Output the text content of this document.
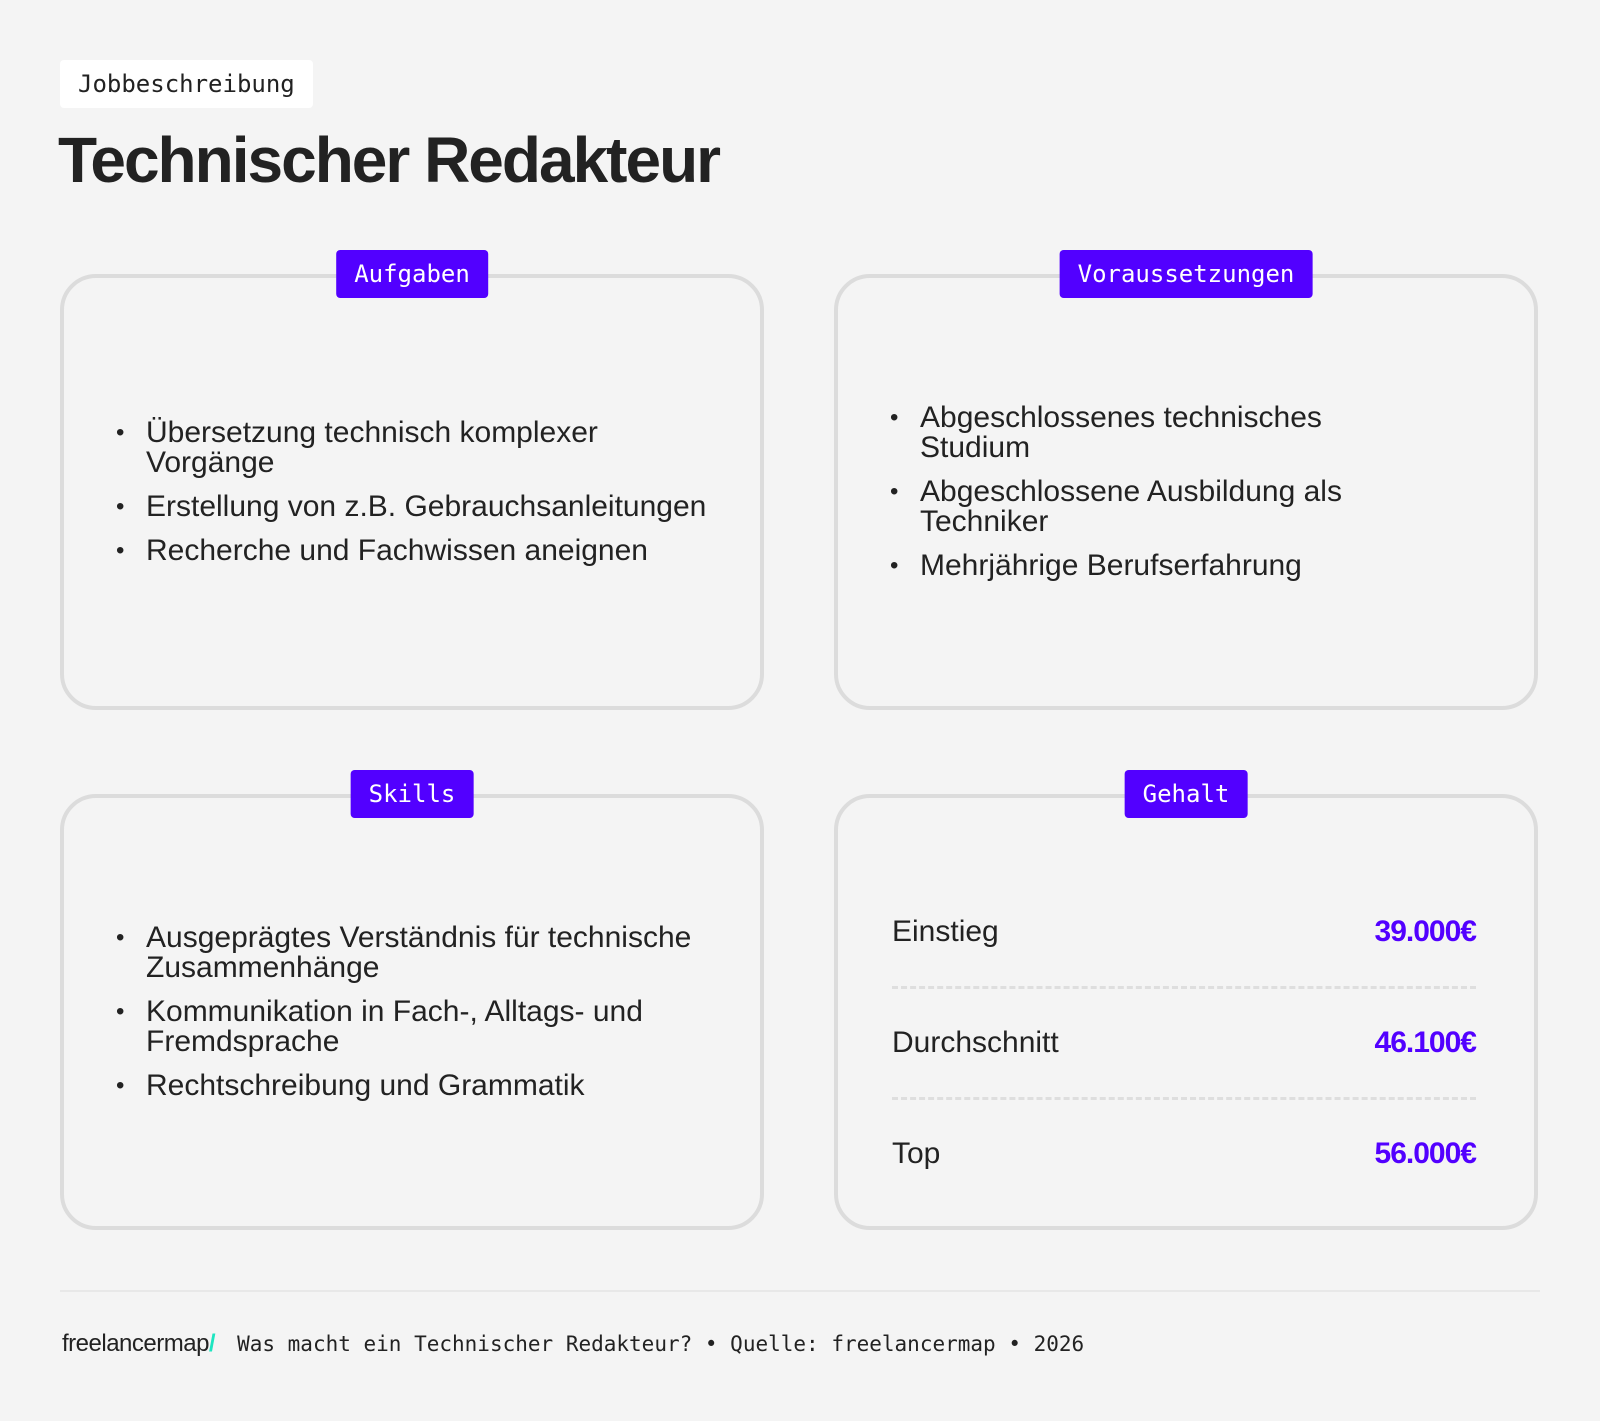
Jobbeschreibung
Technischer Redakteur
Aufgaben
• Übersetzung technisch komplexer Vorgänge
• Erstellung von z.B. Gebrauchsanleitungen
• Recherche und Fachwissen aneignen
Voraussetzungen
• Abgeschlossenes technisches Studium
• Abgeschlossene Ausbildung als Techniker
• Mehrjährige Berufserfahrung
Skills
• Ausgeprägtes Verständnis für technische Zusammenhänge
• Kommunikation in Fach-, Alltags- und Fremdsprache
• Rechtschreibung und Grammatik
Gehalt
Einstieg	39.000€
Durchschnitt	46.100€
Top	56.000€
freelancermap/ Was macht ein Technischer Redakteur? • Quelle: freelancermap • 2026
